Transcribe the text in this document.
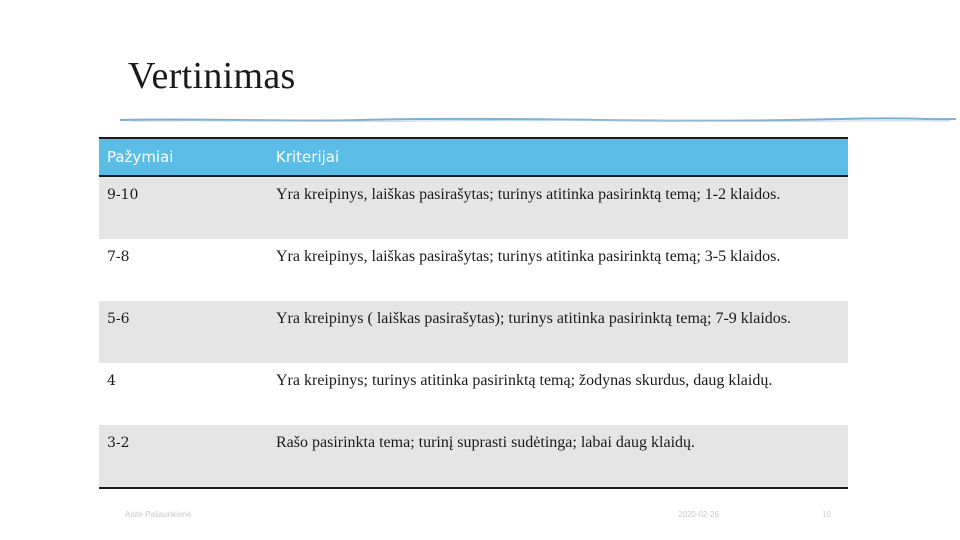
Vertinimas
Pažymiai	Kriterijai
9-10	Yra kreipinys, laiškas pasirašytas; turinys atitinka pasirinktą temą; 1-2 klaidos.
7-8	Yra kreipinys, laiškas pasirašytas; turinys atitinka pasirinktą temą; 3-5 klaidos.
5-6	Yra kreipinys ( laiškas pasirašytas); turinys atitinka pasirinktą temą; 7-9 klaidos.
4	Yra kreipinys; turinys atitinka pasirinktą temą; žodynas skurdus, daug klaidų.
3-2	Rašo pasirinkta tema; turinį suprasti sudėtinga; labai daug klaidų.
Aistė Pašaunkienė	2020-02-26	10
